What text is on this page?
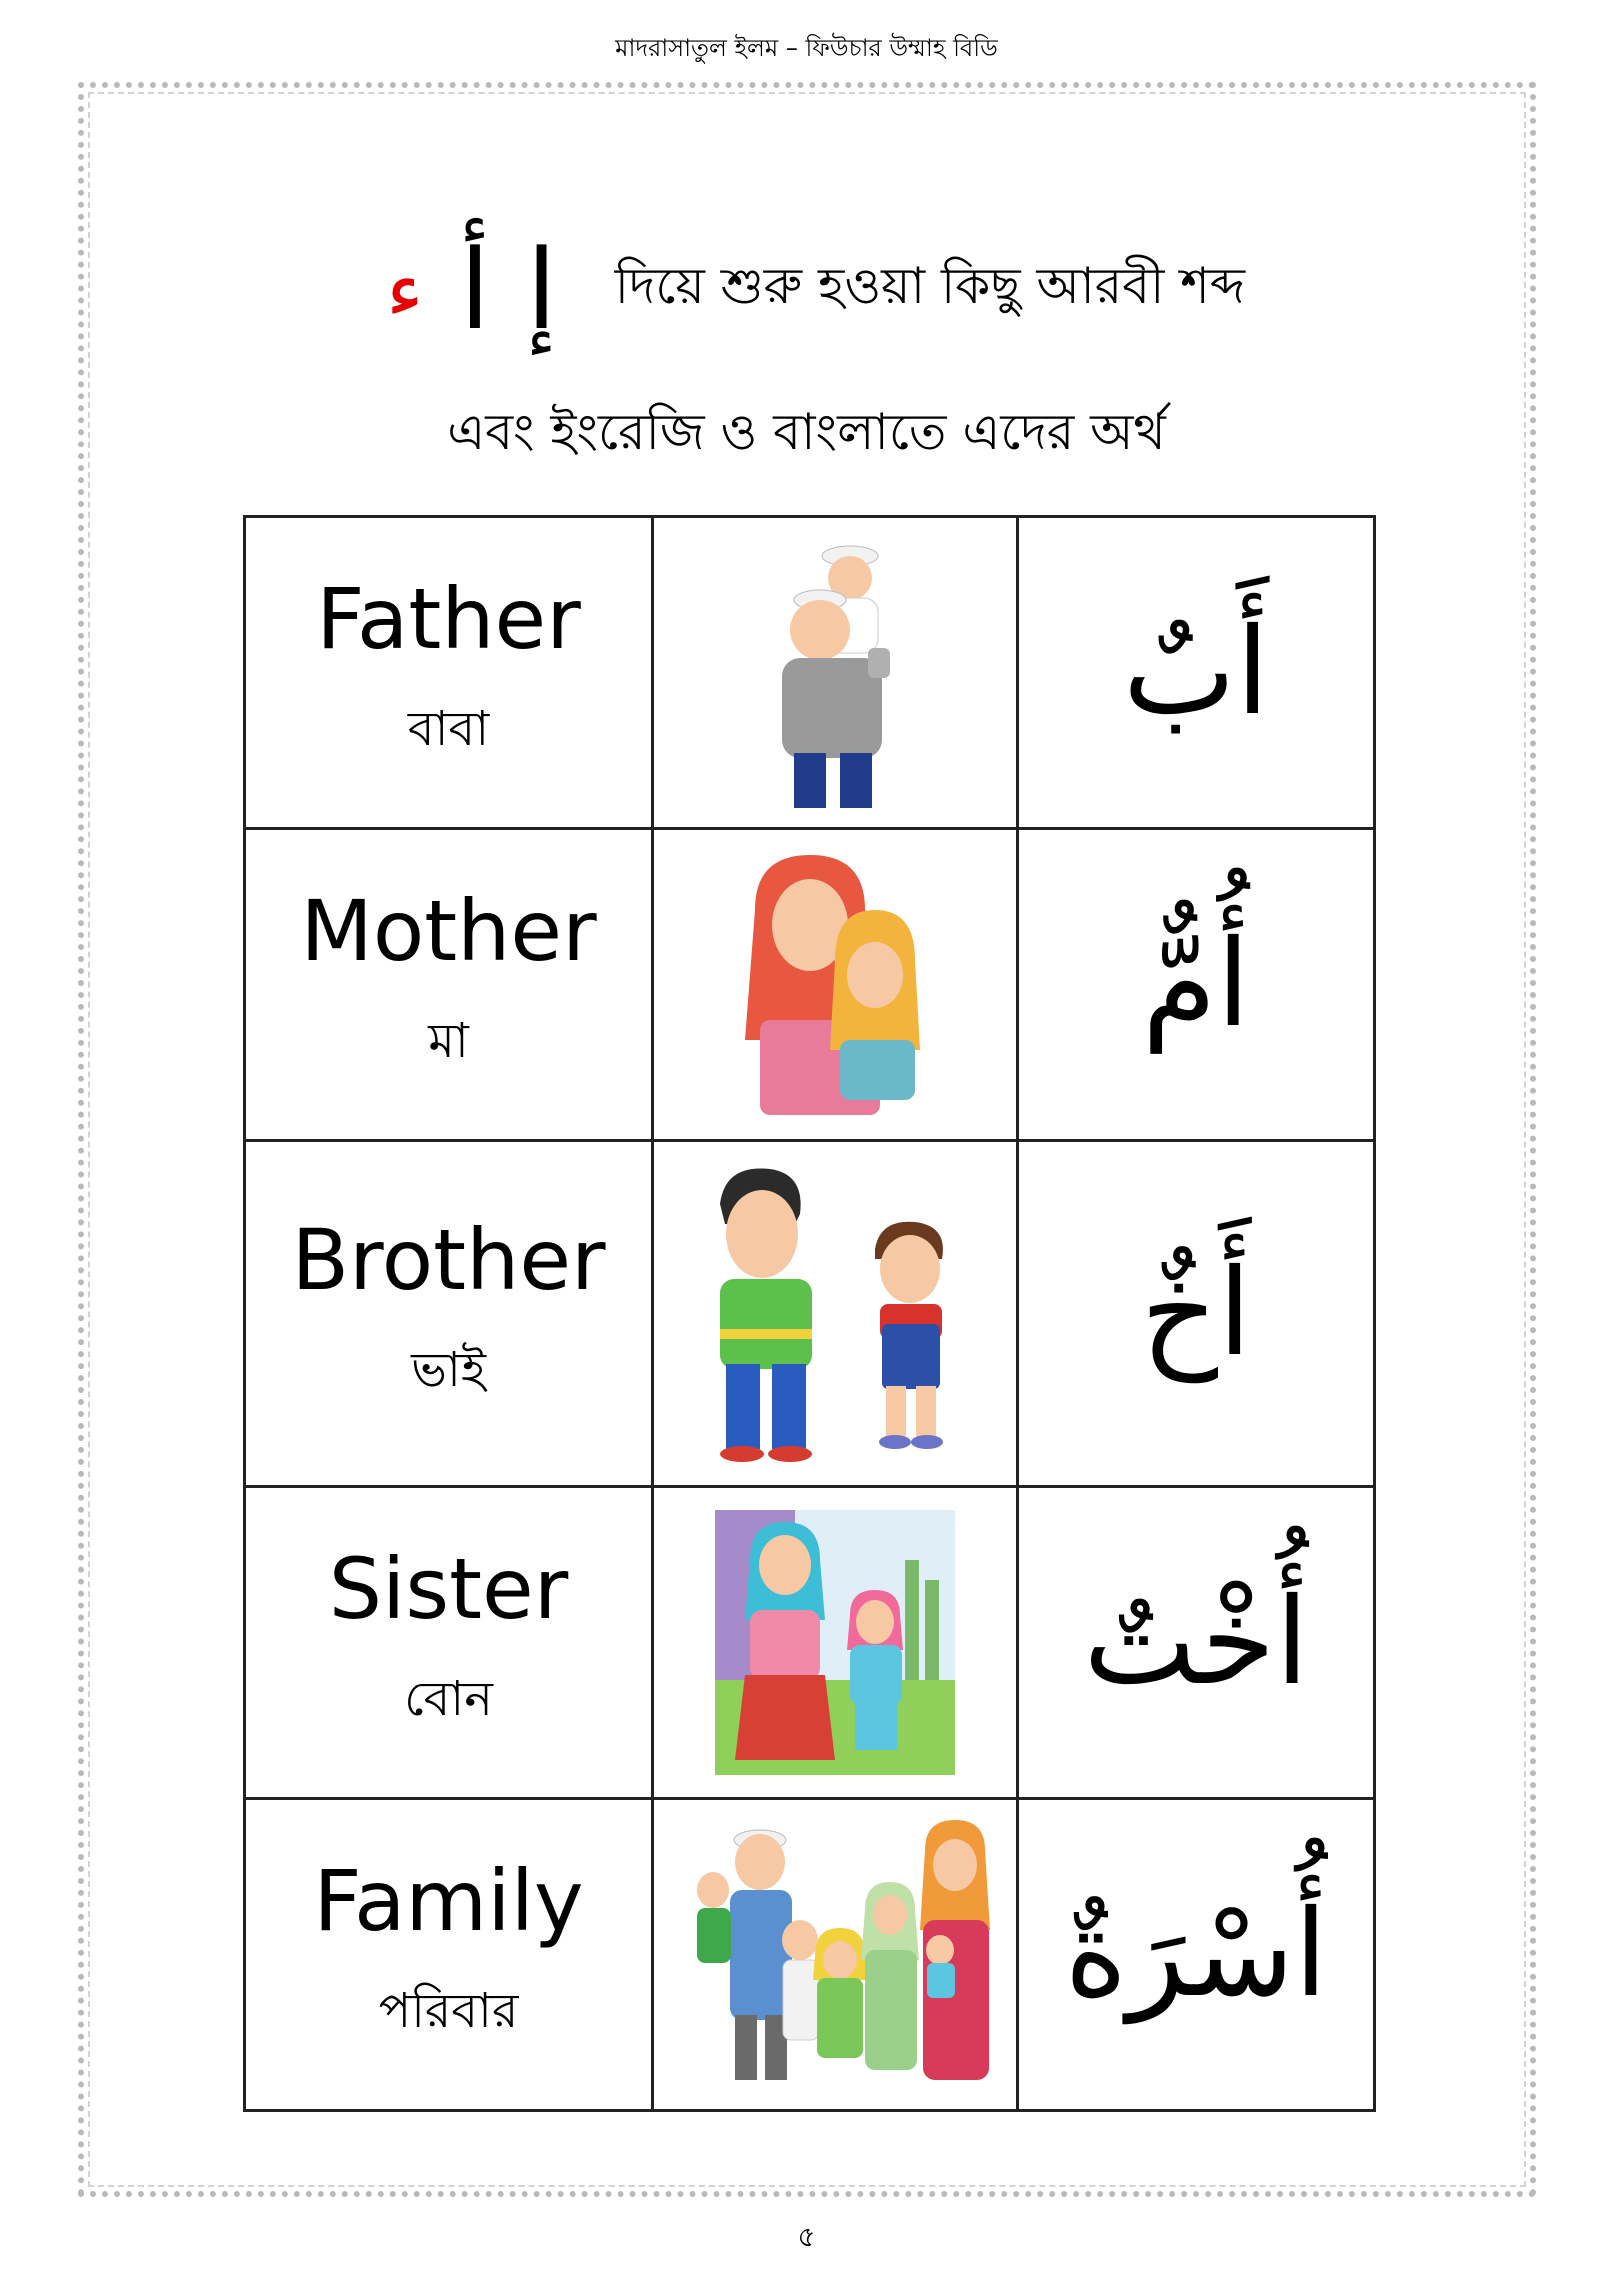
মাদরাসাতুল ইলম – ফিউচার উম্মাহ বিডি
ء أ إ দিয়ে শুরু হওয়া কিছু আরবী শব্দ
এবং ইংরেজি ও বাংলাতে এদের অর্থ
Father
বাবা		أَبٌ

Mother
মা		أُمٌّ

Brother
ভাই		أَخٌ

Sister
বোন		أُخْتٌ

Family
পরিবার		أُسْرَةٌ
৫
